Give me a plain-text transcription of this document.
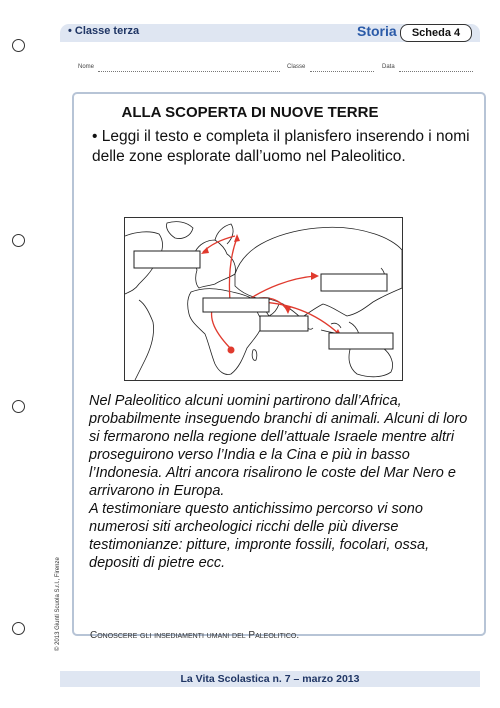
• Classe terza	Storia	Scheda 4
Nome	Classe	Data
ALLA SCOPERTA DI NUOVE TERRE
• Leggi il testo e completa il planisfero inserendo i nomi delle zone esplorate dall’uomo nel Paleolitico.

Nel Paleolitico alcuni uomini partirono dall’Africa, probabilmente inseguendo branchi di animali. Alcuni di loro si fermarono nella regione dell’attuale Israele mentre altri proseguirono verso l’India e la Cina e più in basso l’Indonesia. Altri ancora risalirono le coste del Mar Nero e arrivarono in Europa.

A testimoniare questo antichissimo percorso vi sono numerosi siti archeologici ricchi delle più diverse testimonianze: pitture, impronte fossili, focolari, ossa, depositi di pietre ecc.

Conoscere gli insediamenti umani del Paleolitico.
© 2013 Giunti Scuola S.r.l., Firenze
La Vita Scolastica n. 7 – marzo 2013
